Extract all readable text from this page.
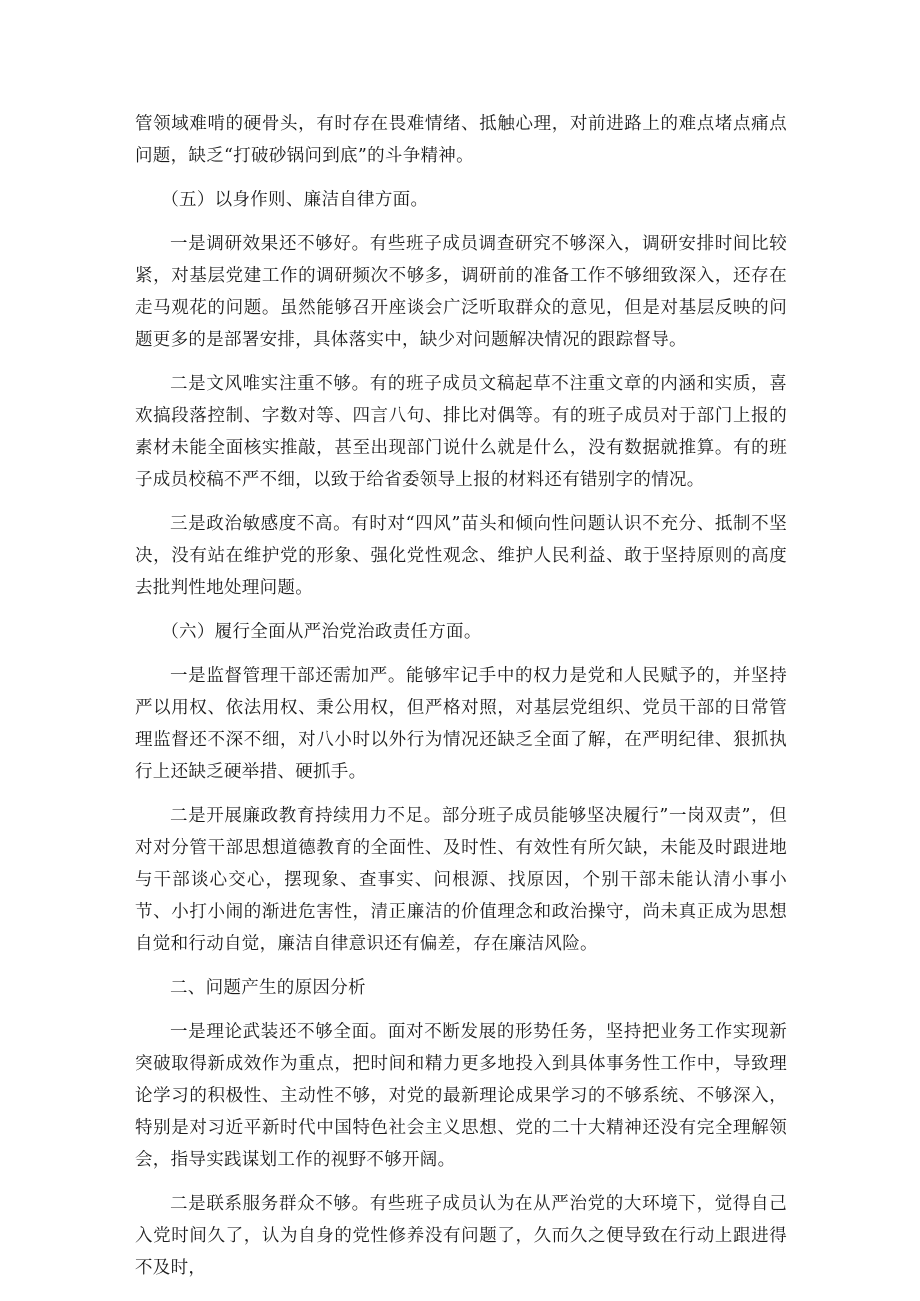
管领域难啃的硬骨头，有时存在畏难情绪、抵触心理，对前进路上的难点堵点痛点问题，缺乏“打破砂锅问到底”的斗争精神。

（五）以身作则、廉洁自律方面。

一是调研效果还不够好。有些班子成员调查研究不够深入，调研安排时间比较紧，对基层党建工作的调研频次不够多，调研前的准备工作不够细致深入，还存在走马观花的问题。虽然能够召开座谈会广泛听取群众的意见，但是对基层反映的问题更多的是部署安排，具体落实中，缺少对问题解决情况的跟踪督导。

二是文风唯实注重不够。有的班子成员文稿起草不注重文章的内涵和实质，喜欢搞段落控制、字数对等、四言八句、排比对偶等。有的班子成员对于部门上报的素材未能全面核实推敲，甚至出现部门说什么就是什么，没有数据就推算。有的班子成员校稿不严不细，以致于给省委领导上报的材料还有错别字的情况。

三是政治敏感度不高。有时对“四风”苗头和倾向性问题认识不充分、抵制不坚决，没有站在维护党的形象、强化党性观念、维护人民利益、敢于坚持原则的高度去批判性地处理问题。

（六）履行全面从严治党治政责任方面。

一是监督管理干部还需加严。能够牢记手中的权力是党和人民赋予的，并坚持严以用权、依法用权、秉公用权，但严格对照，对基层党组织、党员干部的日常管理监督还不深不细，对八小时以外行为情况还缺乏全面了解，在严明纪律、狠抓执行上还缺乏硬举措、硬抓手。

二是开展廉政教育持续用力不足。部分班子成员能够坚决履行”一岗双责”，但对对分管干部思想道德教育的全面性、及时性、有效性有所欠缺，未能及时跟进地与干部谈心交心，摆现象、查事实、问根源、找原因，个别干部未能认清小事小节、小打小闹的渐进危害性，清正廉洁的价值理念和政治操守，尚未真正成为思想自觉和行动自觉，廉洁自律意识还有偏差，存在廉洁风险。

二、问题产生的原因分析

一是理论武装还不够全面。面对不断发展的形势任务，坚持把业务工作实现新突破取得新成效作为重点，把时间和精力更多地投入到具体事务性工作中，导致理论学习的积极性、主动性不够，对党的最新理论成果学习的不够系统、不够深入，特别是对习近平新时代中国特色社会主义思想、党的二十大精神还没有完全理解领会，指导实践谋划工作的视野不够开阔。

二是联系服务群众不够。有些班子成员认为在从严治党的大环境下，觉得自己入党时间久了，认为自身的党性修养没有问题了，久而久之便导致在行动上跟进得不及时，
